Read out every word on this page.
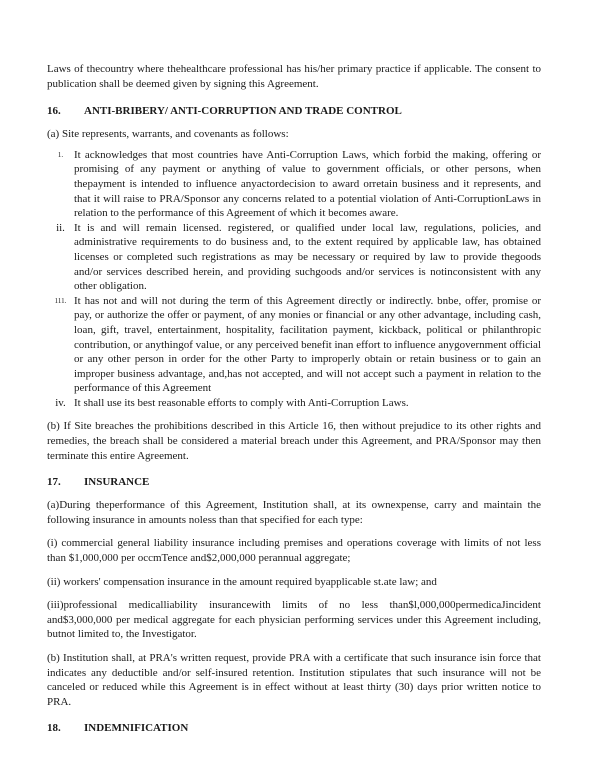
Laws of thecountry where thehealthcare professional has his/her primary practice if applicable. The consent to publication shall be deemed given by signing this Agreement.

16.	ANTI-BRIBERY/ ANTI-CORRUPTION AND TRADE CONTROL

(a) Site represents, warrants, and covenants as follows:

1. It acknowledges that most countries have Anti-Corruption Laws, which forbid the making, offering or promising of any payment or anything of value to government officials, or other persons, when thepayment is intended to influence anyactordecision to award orretain business and it represents, and that it will raise to PRA/Sponsor any concerns related to a potential violation of Anti-CorruptionLaws in relation to the performance of this Agreement of which it becomes aware.
ii. It is and will remain licensed. registered, or qualified under local law, regulations, policies, and administrative requirements to do business and, to the extent required by applicable law, has obtained licenses or completed such registrations as may be necessary or required by law to provide thegoods and/or services described herein, and providing suchgoods and/or services is notinconsistent with any other obligation.
111. It has not and will not during the term of this Agreement directly or indirectly. bnbe, offer, promise or pay, or authorize the offer or payment, of any monies or financial or any other advantage, including cash, loan, gift, travel, entertainment, hospitality, facilitation payment, kickback, political or philanthropic contribution, or anythingof value, or any perceived benefit inan effort to influence anygovernment official or any other person in order for the other Party to improperly obtain or retain business or to gain an improper business advantage, and,has not accepted, and will not accept such a payment in relation to the performance of this Agreement
iv. It shall use its best reasonable efforts to comply with Anti-Corruption Laws.

(b) If Site breaches the prohibitions described in this Article 16, then without prejudice to its other rights and remedies, the breach shall be considered a material breach under this Agreement, and PRA/Sponsor may then terminate this entire Agreement.

17.	INSURANCE

(a)During theperformance of this Agreement, Institution shall, at its ownexpense, carry and maintain the following insurance in amounts noless than that specified for each type:

(i) commercial general liability insurance including premises and operations coverage with limits of not less than $1,000,000 per occmTence and$2,000,000 perannual aggregate;

(ii) workers' compensation insurance in the amount required byapplicable st.ate law; and

(iii)professional medicalliability insurancewith limits of no less than$l,000,000permedicaJincident and$3,000,000 per medical aggregate for each physician performing services under this Agreement including, butnot limited to, the Investigator.

(b) Institution shall, at PRA's written request, provide PRA with a certificate that such insurance isin force that indicates any deductible and/or self-insured retention. Institution stipulates that such insurance will not be canceled or reduced while this Agreement is in effect without at least thirty (30) days prior written notice to PRA.

18.	INDEMNIFICATION
